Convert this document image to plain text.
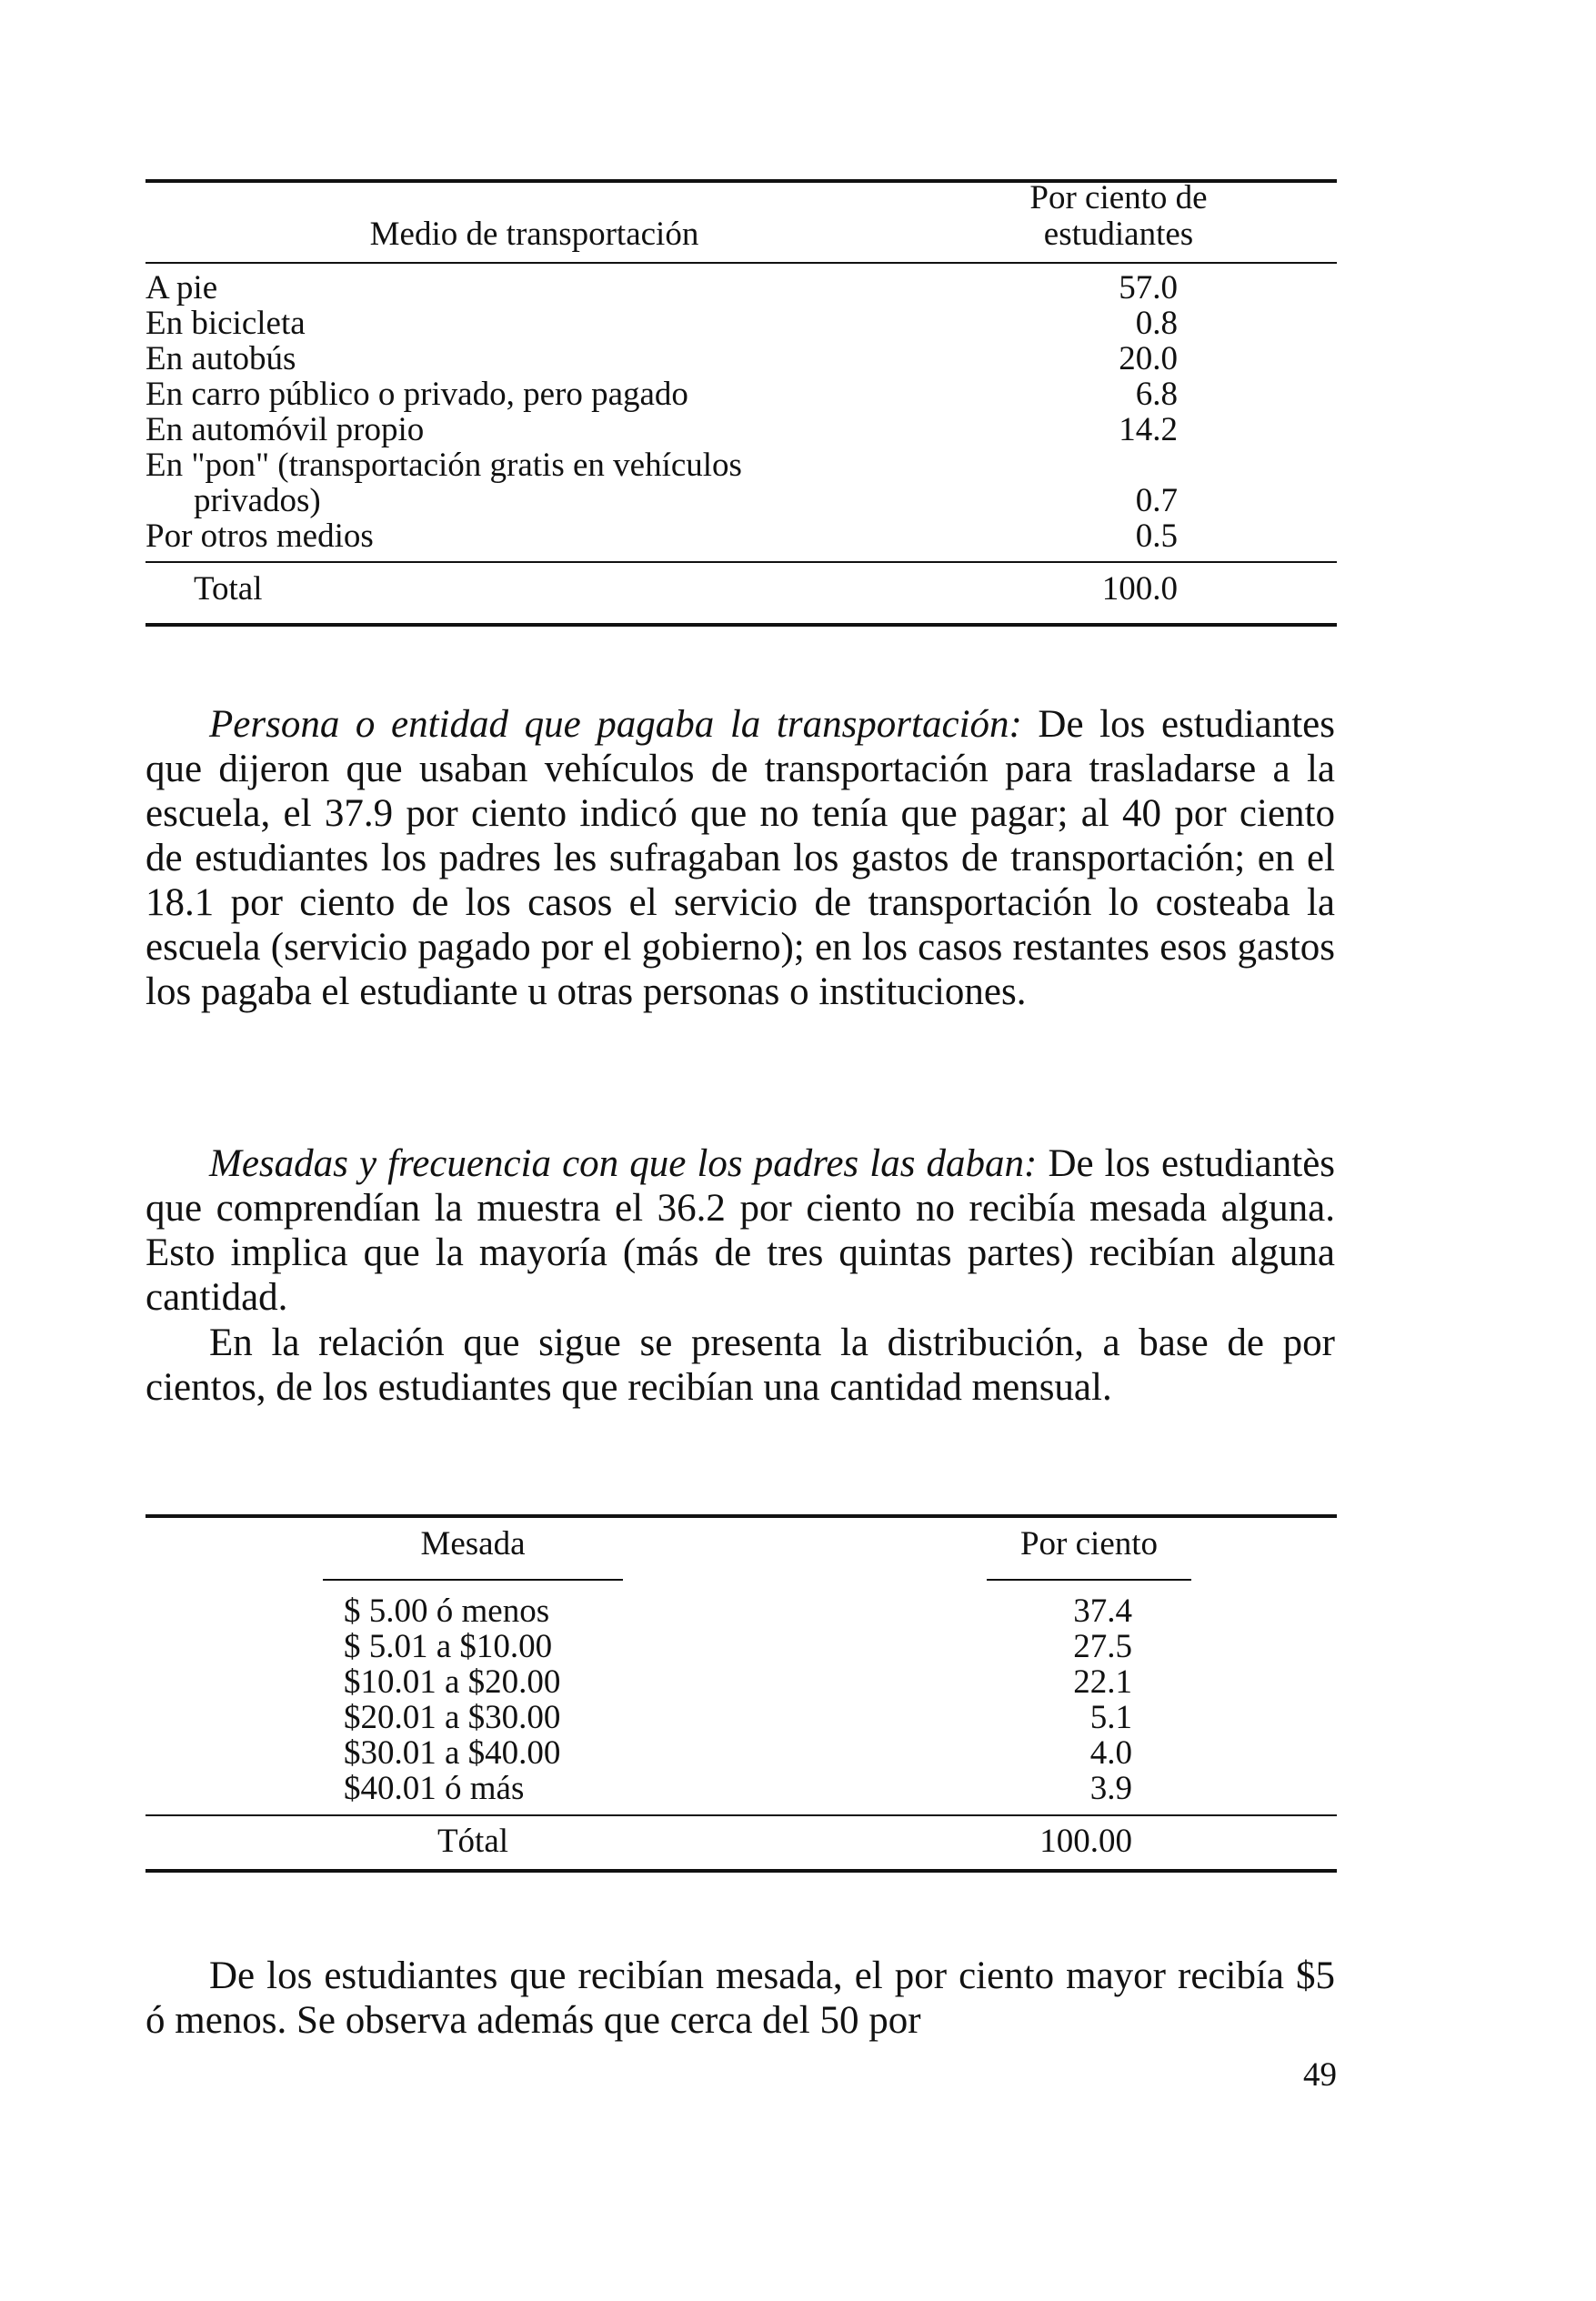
Medio de transportación
Por ciento de
estudiantes
A pie	57.0
En bicicleta	0.8
En autobús	20.0
En carro público o privado, pero pagado	6.8
En automóvil propio	14.2
En "pon" (transportación gratis en vehículos
privados)	0.7
Por otros medios	0.5
Total	100.0
Persona o entidad que pagaba la transportación: De los estudiantes que dijeron que usaban vehículos de transportación para trasladarse a la escuela, el 37.9 por ciento indicó que no tenía que pagar; al 40 por ciento de estudiantes los padres les sufragaban los gastos de transportación; en el 18.1 por ciento de los casos el servicio de transportación lo costeaba la escuela (servicio pagado por el gobierno); en los casos restantes esos gastos los pagaba el estudiante u otras personas o instituciones.
Mesadas y frecuencia con que los padres las daban: De los estudiantès que comprendían la muestra el 36.2 por ciento no recibía mesada alguna. Esto implica que la mayoría (más de tres quintas partes) recibían alguna cantidad.
En la relación que sigue se presenta la distribución, a base de por cientos, de los estudiantes que recibían una cantidad mensual.
Mesada	Por ciento
$ 5.00 ó menos	37.4
$ 5.01 a $10.00	27.5
$10.01 a $20.00	22.1
$20.01 a $30.00	5.1
$30.01 a $40.00	4.0
$40.01 ó más	3.9
Tótal	100.00
De los estudiantes que recibían mesada, el por ciento mayor recibía $5 ó menos. Se observa además que cerca del 50 por
49
